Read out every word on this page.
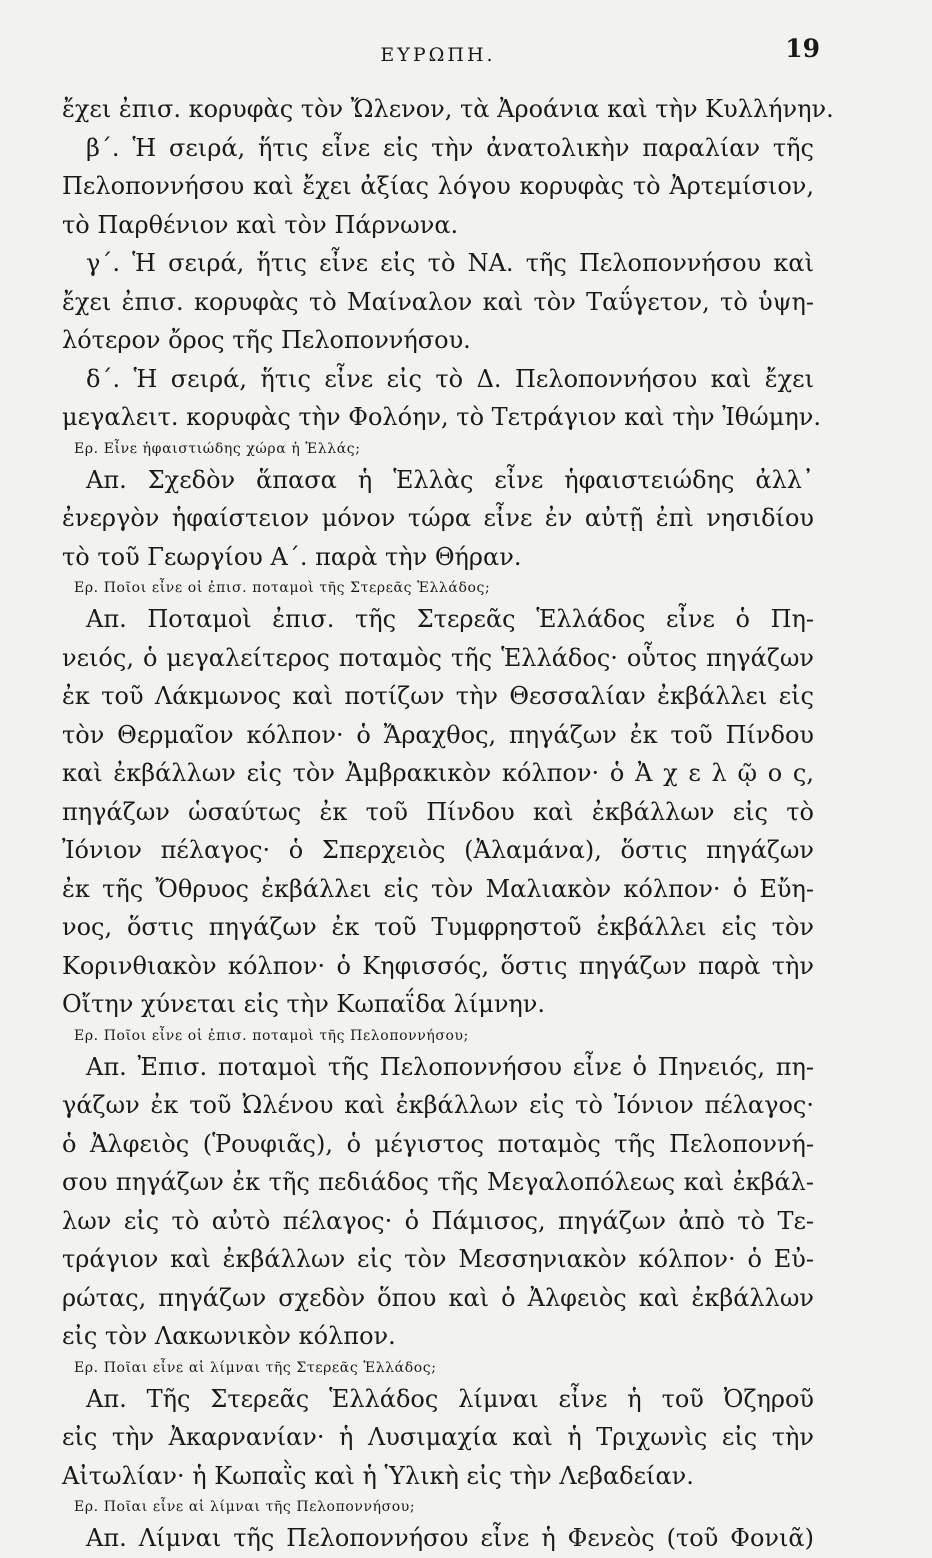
ΕΥΡΩΠΗ.	19
ἔχει ἐπισ. κορυφὰς τὸν Ὤλενον, τὰ Ἀροάνια καὶ τὴν Κυλλήνην.
β΄. Ἡ σειρά, ἥτις εἶνε εἰς τὴν ἀνατολικὴν παραλίαν τῆς
Πελοποννήσου καὶ ἔχει ἀξίας λόγου κορυφὰς τὸ Ἀρτεμίσιον,
τὸ Παρθένιον καὶ τὸν Πάρνωνα.
γ΄. Ἡ σειρά, ἥτις εἶνε εἰς τὸ ΝΑ. τῆς Πελοποννήσου καὶ
ἔχει ἐπισ. κορυφὰς τὸ Μαίναλον καὶ τὸν Ταΰγετον, τὸ ὑψη-
λότερον ὄρος τῆς Πελοποννήσου.
δ΄. Ἡ σειρά, ἥτις εἶνε εἰς τὸ Δ. Πελοποννήσου καὶ ἔχει
μεγαλειτ. κορυφὰς τὴν Φολόην, τὸ Τετράγιον καὶ τὴν Ἰθώμην.
Ερ. Εἶνε ἡφαιστιώδης χώρα ἡ Ἑλλάς;
Απ. Σχεδὸν ἅπασα ἡ Ἑλλὰς εἶνε ἡφαιστειώδης ἀλλ᾽
ἐνεργὸν ἡφαίστειον μόνον τώρα εἶνε ἐν αὐτῇ ἐπὶ νησιδίου
τὸ τοῦ Γεωργίου Α΄. παρὰ τὴν Θήραν.
Ερ. Ποῖοι εἶνε οἱ ἐπισ. ποταμοὶ τῆς Στερεᾶς Ἑλλάδος;
Απ. Ποταμοὶ ἐπισ. τῆς Στερεᾶς Ἑλλάδος εἶνε ὁ Πη-
νειός, ὁ μεγαλείτερος ποταμὸς τῆς Ἑλλάδος· οὗτος πηγάζων
ἐκ τοῦ Λάκμωνος καὶ ποτίζων τὴν Θεσσαλίαν ἐκβάλλει εἰς
τὸν Θερμαῖον κόλπον· ὁ Ἄραχθος, πηγάζων ἐκ τοῦ Πίνδου
καὶ ἐκβάλλων εἰς τὸν Ἀμβρακικὸν κόλπον· ὁ Ἀ χ ε λ ῷ ο ς,
πηγάζων ὡσαύτως ἐκ τοῦ Πίνδου καὶ ἐκβάλλων εἰς τὸ
Ἰόνιον πέλαγος· ὁ Σπερχειὸς (Ἀλαμάνα), ὅστις πηγάζων
ἐκ τῆς Ὄθρυος ἐκβάλλει εἰς τὸν Μαλιακὸν κόλπον· ὁ Εὔη-
νος, ὅστις πηγάζων ἐκ τοῦ Τυμφρηστοῦ ἐκβάλλει εἰς τὸν
Κορινθιακὸν κόλπον· ὁ Κηφισσός, ὅστις πηγάζων παρὰ τὴν
Οἴτην χύνεται εἰς τὴν Κωπαΐδα λίμνην.
Ερ. Ποῖοι εἶνε οἱ ἐπισ. ποταμοὶ τῆς Πελοποννήσου;
Απ. Ἐπισ. ποταμοὶ τῆς Πελοποννήσου εἶνε ὁ Πηνειός, πη-
γάζων ἐκ τοῦ Ὠλένου καὶ ἐκβάλλων εἰς τὸ Ἰόνιον πέλαγος·
ὁ Ἀλφειὸς (Ῥουφιᾶς), ὁ μέγιστος ποταμὸς τῆς Πελοποννή-
σου πηγάζων ἐκ τῆς πεδιάδος τῆς Μεγαλοπόλεως καὶ ἐκβάλ-
λων εἰς τὸ αὐτὸ πέλαγος· ὁ Πάμισος, πηγάζων ἀπὸ τὸ Τε-
τράγιον καὶ ἐκβάλλων εἰς τὸν Μεσσηνιακὸν κόλπον· ὁ Εὐ-
ρώτας, πηγάζων σχεδὸν ὅπου καὶ ὁ Ἀλφειὸς καὶ ἐκβάλλων
εἰς τὸν Λακωνικὸν κόλπον.
Ερ. Ποῖαι εἶνε αἱ λίμναι τῆς Στερεᾶς Ἑλλάδος;
Απ. Τῆς Στερεᾶς Ἑλλάδος λίμναι εἶνε ἡ τοῦ Ὀζηροῦ
εἰς τὴν Ἀκαρνανίαν· ἡ Λυσιμαχία καὶ ἡ Τριχωνὶς εἰς τὴν
Αἰτωλίαν· ἡ Κωπαῒς καὶ ἡ Ὑλικὴ εἰς τὴν Λεβαδείαν.
Ερ. Ποῖαι εἶνε αἱ λίμναι τῆς Πελοποννήσου;
Απ. Λίμναι τῆς Πελοποννήσου εἶνε ἡ Φενεὸς (τοῦ Φονιᾶ)
